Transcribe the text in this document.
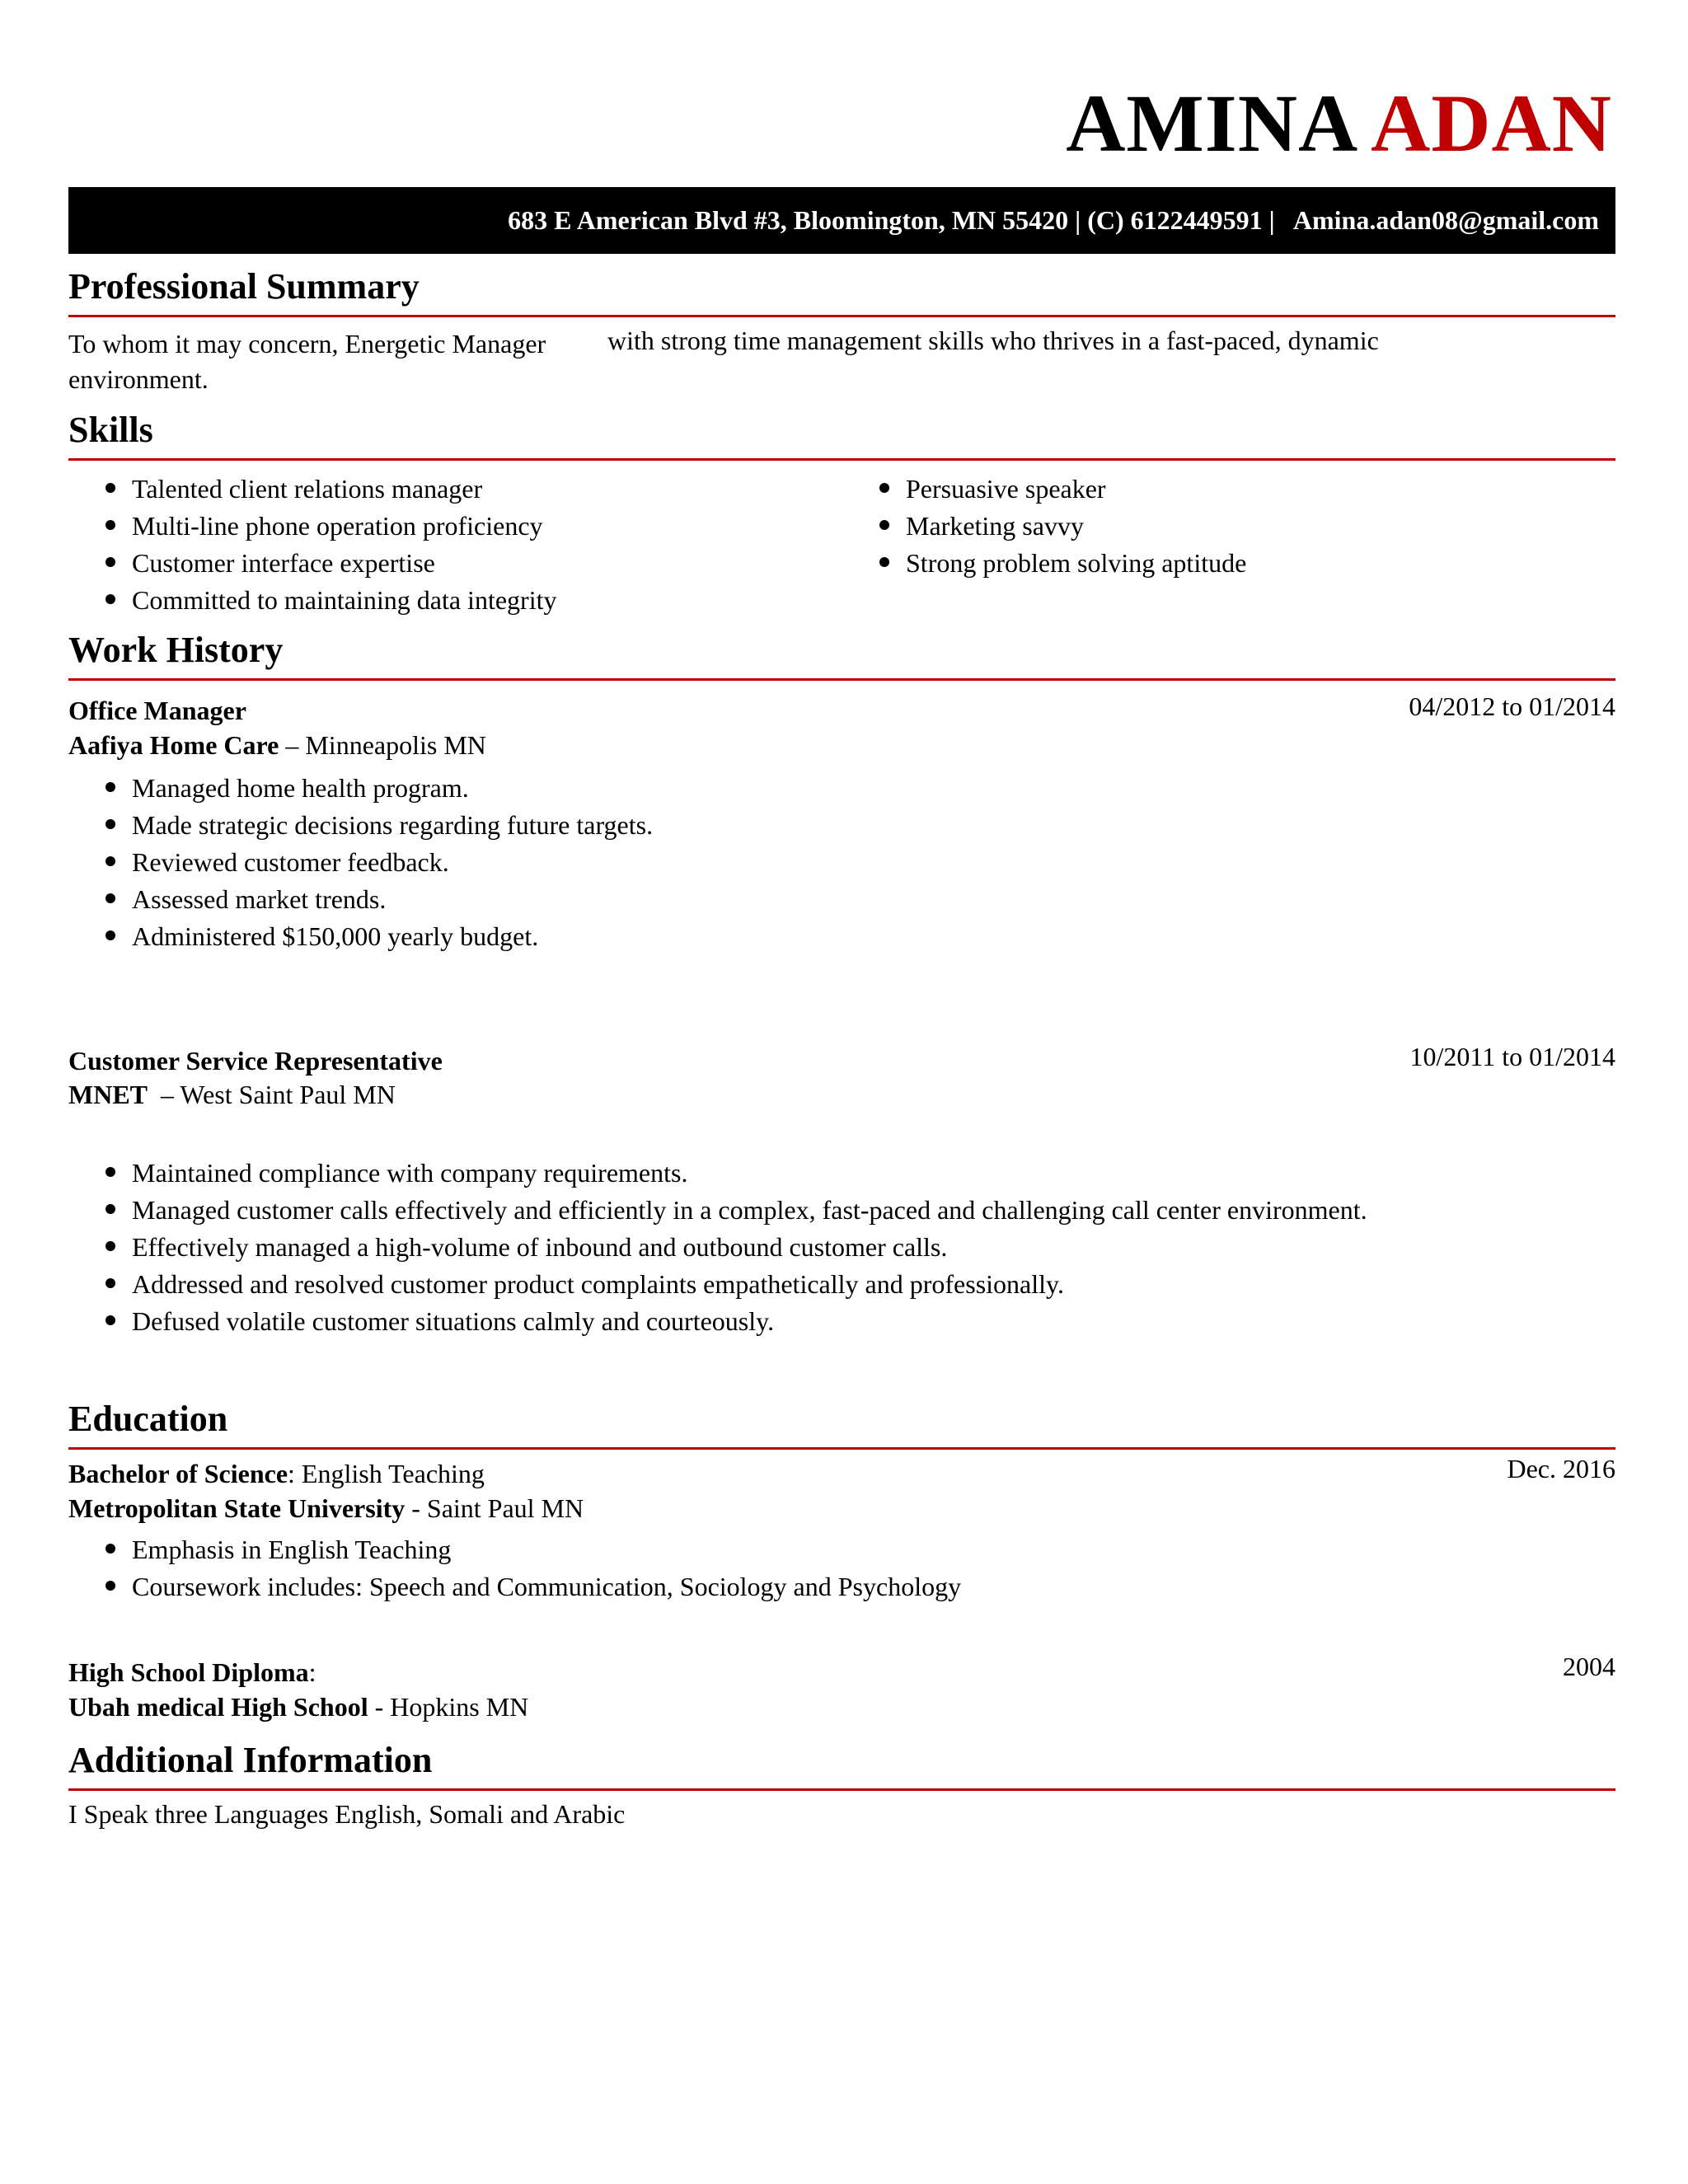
AMINA ADAN
683 E American Blvd #3, Bloomington, MN 55420 | (C) 6122449591 |   Amina.adan08@gmail.com
Professional Summary
To whom it may concern, Energetic Manager with strong time management skills who thrives in a fast-paced, dynamic
environment.
Skills
Talented client relations manager
Multi-line phone operation proficiency
Customer interface expertise
Committed to maintaining data integrity
Persuasive speaker
Marketing savvy
Strong problem solving aptitude
Work History
Office Manager	04/2012 to 01/2014
Aafiya Home Care – Minneapolis MN
Managed home health program.
Made strategic decisions regarding future targets.
Reviewed customer feedback.
Assessed market trends.
Administered $150,000 yearly budget.
Customer Service Representative	10/2011 to 01/2014
MNET  – West Saint Paul MN
Maintained compliance with company requirements.
Managed customer calls effectively and efficiently in a complex, fast-paced and challenging call center environment.
Effectively managed a high-volume of inbound and outbound customer calls.
Addressed and resolved customer product complaints empathetically and professionally.
Defused volatile customer situations calmly and courteously.
Education
Bachelor of Science: English Teaching	Dec. 2016
Metropolitan State University - Saint Paul MN
Emphasis in English Teaching
Coursework includes: Speech and Communication, Sociology and Psychology
High School Diploma:	2004
Ubah medical High School - Hopkins MN
Additional Information
I Speak three Languages English, Somali and Arabic
